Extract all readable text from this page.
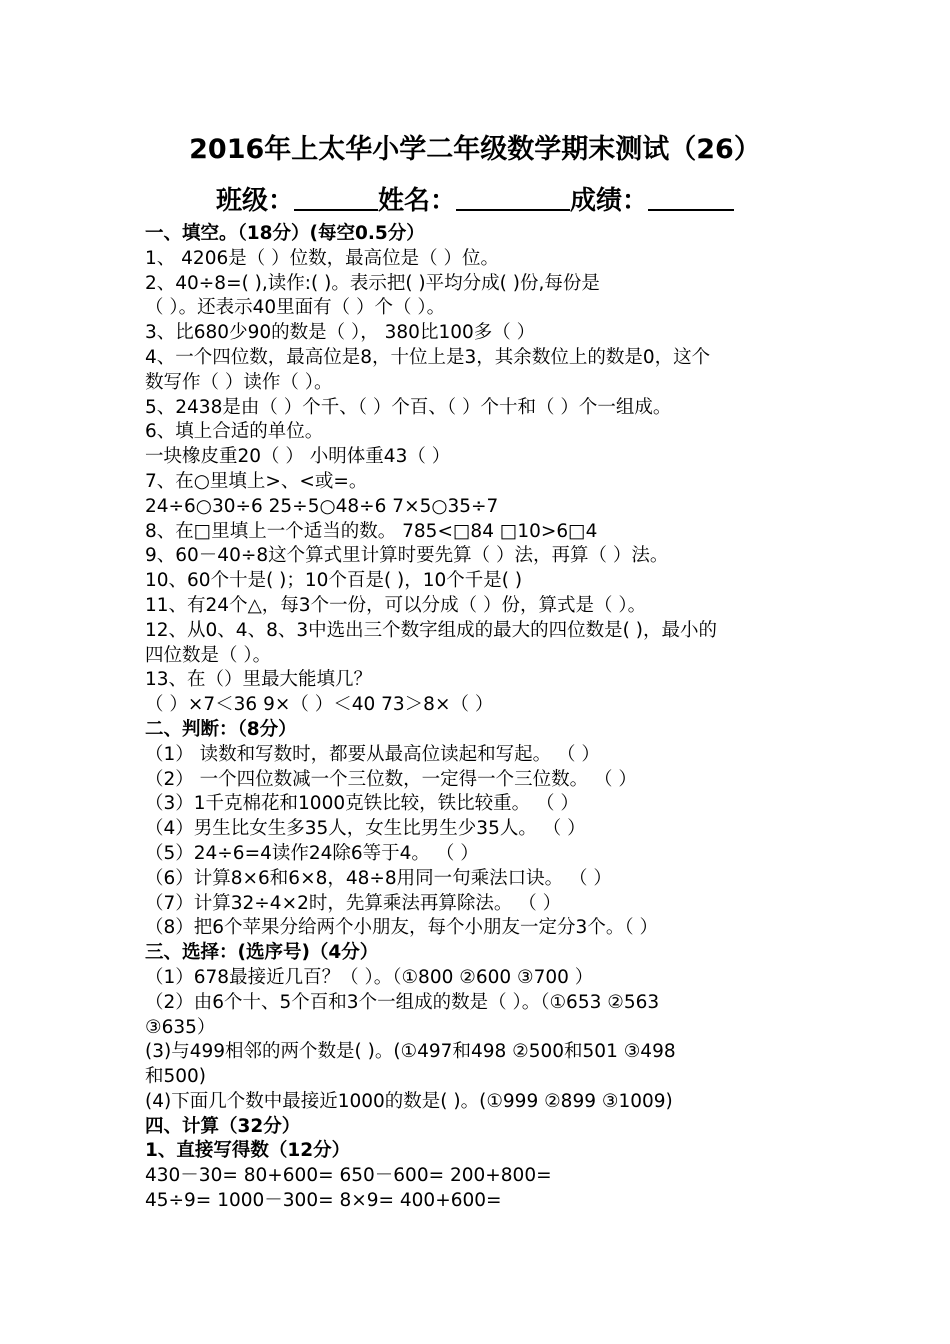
2016年上太华小学二年级数学期末测试（26）
班级：	姓名：	成绩：
一、填空。（18分）(每空0.5分）
1、 4206是（ ）位数，最高位是（ ）位。
2、40÷8=( ),读作:( )。表示把( )平均分成( )份,每份是
（ ）。还表示40里面有（ ）个（ ）。
3、比680少90的数是（ ）， 380比100多（ ）
4、一个四位数，最高位是8，十位上是3，其余数位上的数是0，这个
数写作（ ）读作（ ）。
5、2438是由（ ）个千、（ ）个百、（ ）个十和（ ）个一组成。
6、填上合适的单位。
一块橡皮重20（ ） 小明体重43（ ）
7、在○里填上>、<或=。
24÷6○30÷6 25÷5○48÷6 7×5○35÷7
8、在□里填上一个适当的数。 785<□84 □10>6□4
9、60－40÷8这个算式里计算时要先算（ ）法，再算（ ）法。
10、60个十是( )；10个百是( )，10个千是( )
11、有24个△，每3个一份，可以分成（ ）份，算式是（ ）。
12、从0、4、8、3中选出三个数字组成的最大的四位数是( )，最小的
四位数是（ ）。
13、在（）里最大能填几？
（ ）×7＜36 9×（ ）＜40 73＞8×（ ）
二、判断：（8分）
（1） 读数和写数时，都要从最高位读起和写起。 （ ）
（2） 一个四位数减一个三位数，一定得一个三位数。 （ ）
（3）1千克棉花和1000克铁比较，铁比较重。 （ ）
（4）男生比女生多35人，女生比男生少35人。 （ ）
（5）24÷6=4读作24除6等于4。 （ ）
（6）计算8×6和6×8，48÷8用同一句乘法口诀。 （ ）
（7）计算32÷4×2时，先算乘法再算除法。 （ ）
（8）把6个苹果分给两个小朋友，每个小朋友一定分3个。（ ）
三、选择：(选序号)（4分）
（1）678最接近几百？（ ）。（①800 ②600 ③700 ）
（2）由6个十、5个百和3个一组成的数是（ ）。（①653 ②563
③635）
(3)与499相邻的两个数是( )。(①497和498 ②500和501 ③498
和500)
(4)下面几个数中最接近1000的数是( )。(①999 ②899 ③1009)
四、计算（32分）
1、直接写得数（12分）
430－30= 80+600= 650－600= 200+800=
45÷9= 1000－300= 8×9= 400+600=
